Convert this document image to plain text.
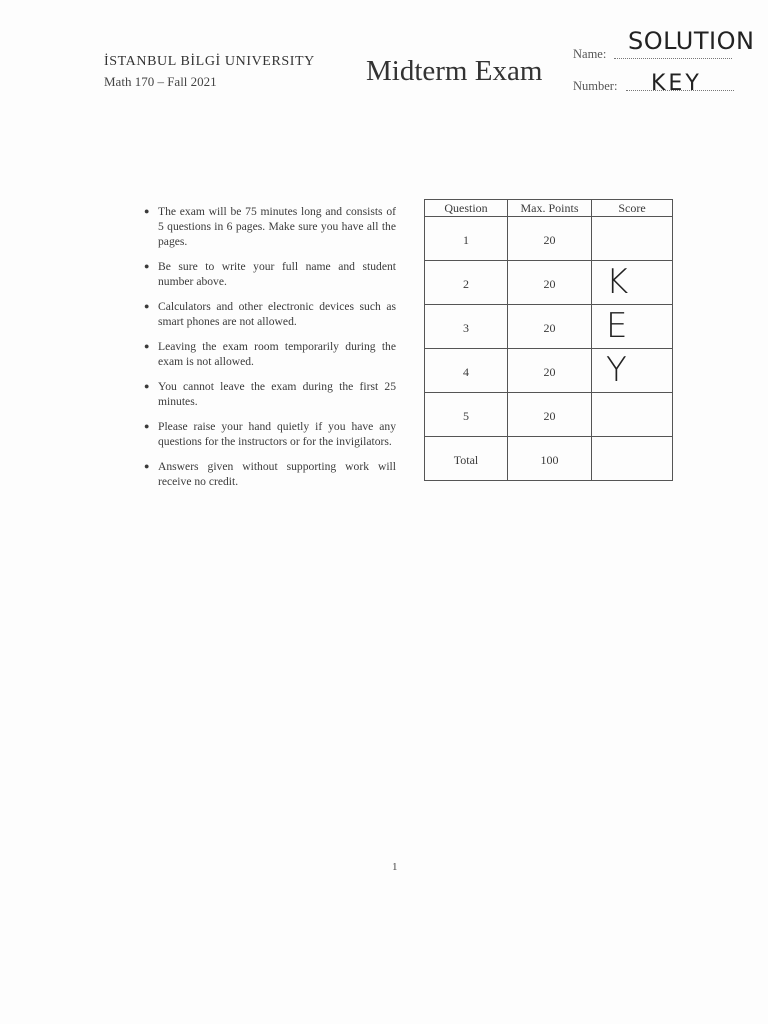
İSTANBUL BİLGİ UNIVERSITY
Math 170 – Fall 2021	Midterm Exam
Name: SOLUTION
Number: KEY
● The exam will be 75 minutes long and consists of 5 questions in 6 pages. Make sure you have all the pages.
● Be sure to write your full name and student number above.
● Calculators and other electronic devices such as smart phones are not allowed.
● Leaving the exam room temporarily during the exam is not allowed.
● You cannot leave the exam during the first 25 minutes.
● Please raise your hand quietly if you have any questions for the instructors or for the invigilators.
● Answers given without supporting work will receive no credit.
Question	Max. Points	Score
1	20	

2	20	K

3	20	E

4	20	Y

5	20	

Total	100	
1
